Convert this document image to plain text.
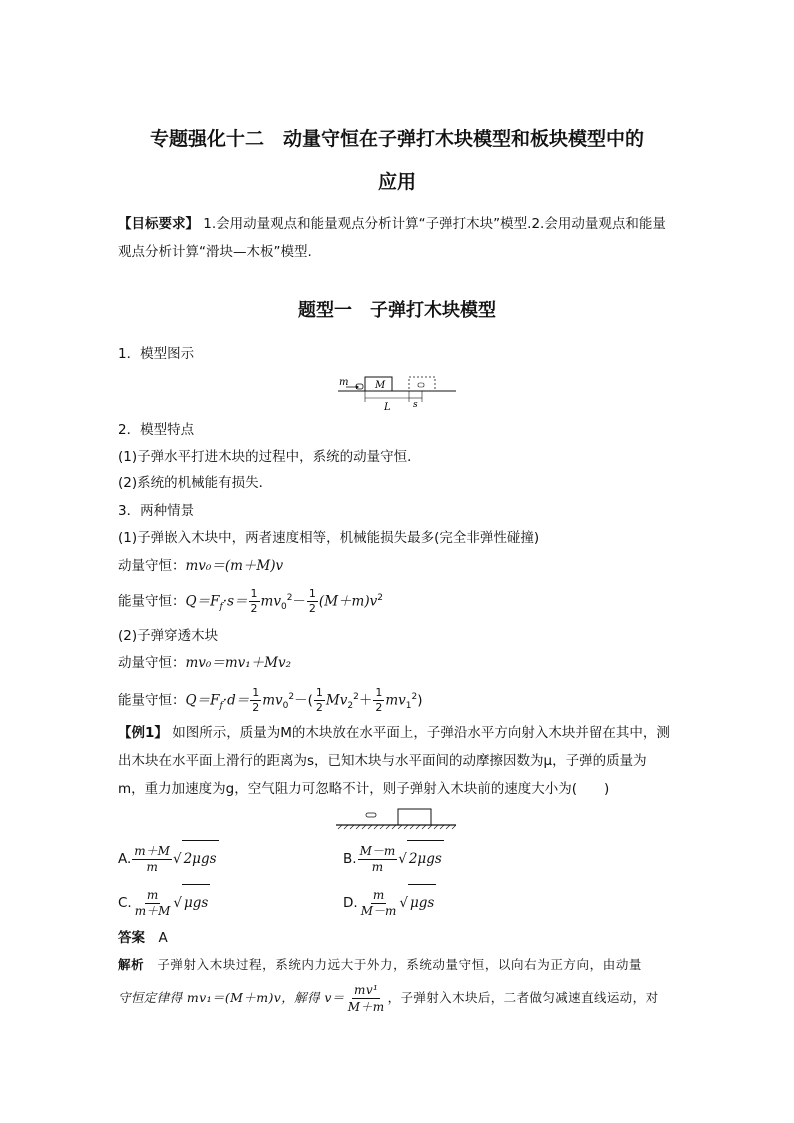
专题强化十二　动量守恒在子弹打木块模型和板块模型中的
应用
【目标要求】 1.会用动量观点和能量观点分析计算“子弹打木块”模型.2.会用动量观点和能量
观点分析计算“滑块—木板”模型.
题型一　子弹打木块模型
1．模型图示
m	M
L s
2．模型特点
(1)子弹水平打进木块的过程中，系统的动量守恒．
(2)系统的机械能有损失．
3．两种情景
(1)子弹嵌入木块中，两者速度相等，机械能损失最多(完全非弹性碰撞)
动量守恒：mv₀＝(m＋M)v
能量守恒：$Q=F_f\cdot s= \frac{1}{2} mv_0^2- \frac{1}{2} (M+m)v^2$
(2)子弹穿透木块
动量守恒：mv₀＝mv₁＋Mv₂
能量守恒：$Q=F_f\cdot d= \frac{1}{2} mv_0^2-( \frac{1}{2} Mv_2^2+ \frac{1}{2} mv_1^2)$
【例1】 如图所示，质量为M的木块放在水平面上，子弹沿水平方向射入木块并留在其中，测
出木块在水平面上滑行的距离为s，已知木块与水平面间的动摩擦因数为μ，子弹的质量为
m，重力加速度为g，空气阻力可忽略不计，则子弹射入木块前的速度大小为(　　)
A. $\frac{m+M}{m}$ √ 2μgs	B. $\frac{M-m}{m}$ √ 2μgs
C. $\frac{m}{m+M}$ √ μgs	D. $\frac{m}{M-m}$ √ μgs
答案　 A
解析　 子弹射入木块过程，系统内力远大于外力，系统动量守恒，以向右为正方向，由动量
守恒定律得 mv₁＝(M＋m)v，解得 $v= \frac{\text{mv¹}}{M+m}$ ，子弹射入木块后，二者做匀减速直线运动，对
